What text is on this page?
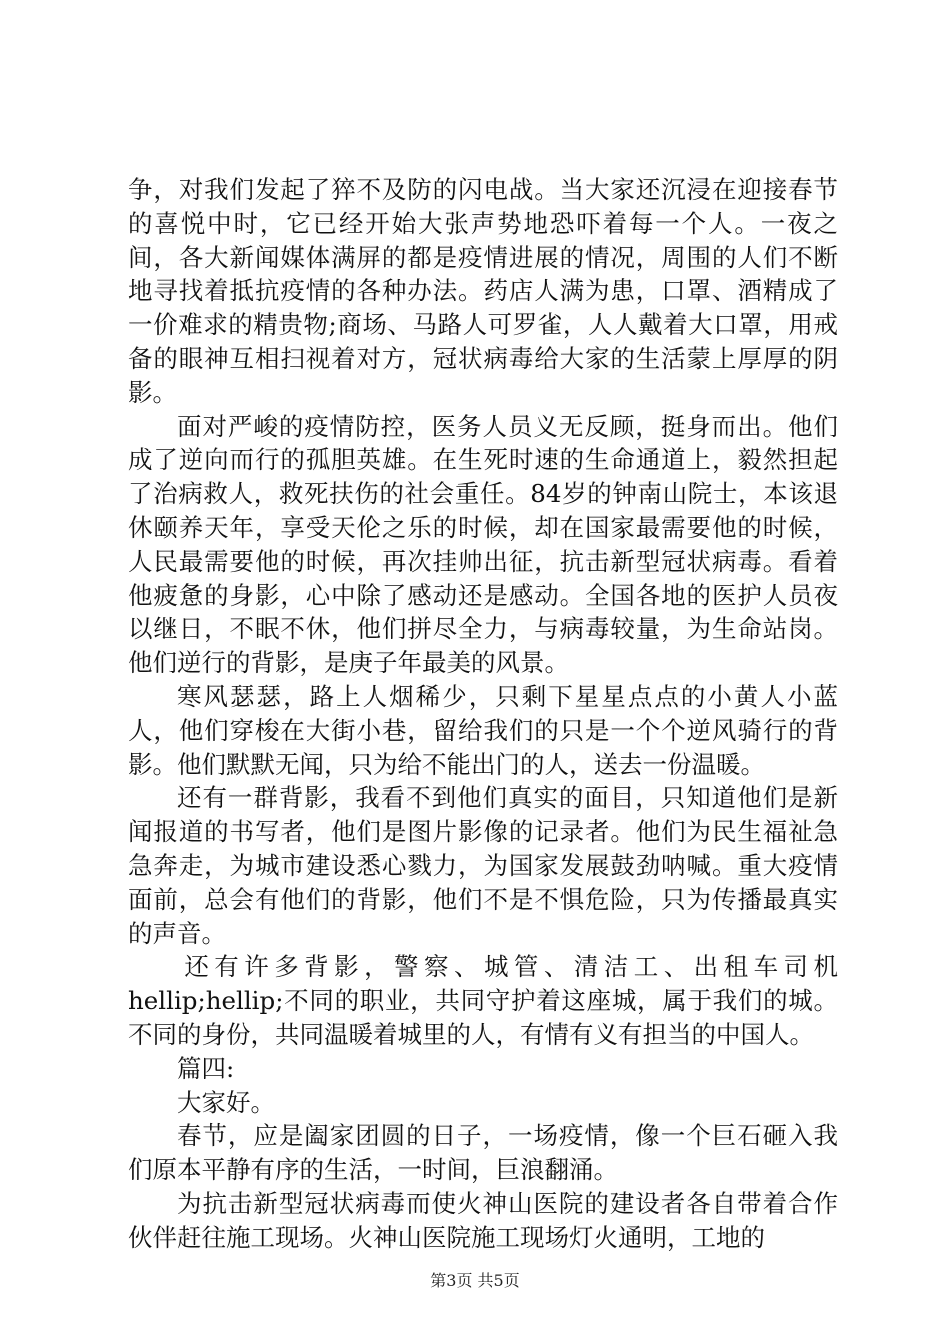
争，对我们发起了猝不及防的闪电战。当大家还沉浸在迎接春节的喜悦中时，它已经开始大张声势地恐吓着每一个人。一夜之间，各大新闻媒体满屏的都是疫情进展的情况，周围的人们不断地寻找着抵抗疫情的各种办法。药店人满为患，口罩、酒精成了一价难求的精贵物;商场、马路人可罗雀，人人戴着大口罩，用戒备的眼神互相扫视着对方，冠状病毒给大家的生活蒙上厚厚的阴影。

面对严峻的疫情防控，医务人员义无反顾，挺身而出。他们成了逆向而行的孤胆英雄。在生死时速的生命通道上，毅然担起了治病救人，救死扶伤的社会重任。84岁的钟南山院士，本该退休颐养天年，享受天伦之乐的时候，却在国家最需要他的时候，人民最需要他的时候，再次挂帅出征，抗击新型冠状病毒。看着他疲惫的身影，心中除了感动还是感动。全国各地的医护人员夜以继日，不眠不休，他们拼尽全力，与病毒较量，为生命站岗。他们逆行的背影，是庚子年最美的风景。

寒风瑟瑟，路上人烟稀少，只剩下星星点点的小黄人小蓝人，他们穿梭在大街小巷，留给我们的只是一个个逆风骑行的背影。他们默默无闻，只为给不能出门的人，送去一份温暖。

还有一群背影，我看不到他们真实的面目，只知道他们是新闻报道的书写者，他们是图片影像的记录者。他们为民生福祉急急奔走，为城市建设悉心戮力，为国家发展鼓劲呐喊。重大疫情面前，总会有他们的背影，他们不是不惧危险，只为传播最真实的声音。

还有许多背影，警察、城管、清洁工、出租车司机hellip;hellip;不同的职业，共同守护着这座城，属于我们的城。不同的身份，共同温暖着城里的人，有情有义有担当的中国人。

篇四:

大家好。

春节，应是阖家团圆的日子，一场疫情，像一个巨石砸入我们原本平静有序的生活，一时间，巨浪翻涌。

为抗击新型冠状病毒而使火神山医院的建设者各自带着合作伙伴赶往施工现场。火神山医院施工现场灯火通明，工地的

第3页 共5页
